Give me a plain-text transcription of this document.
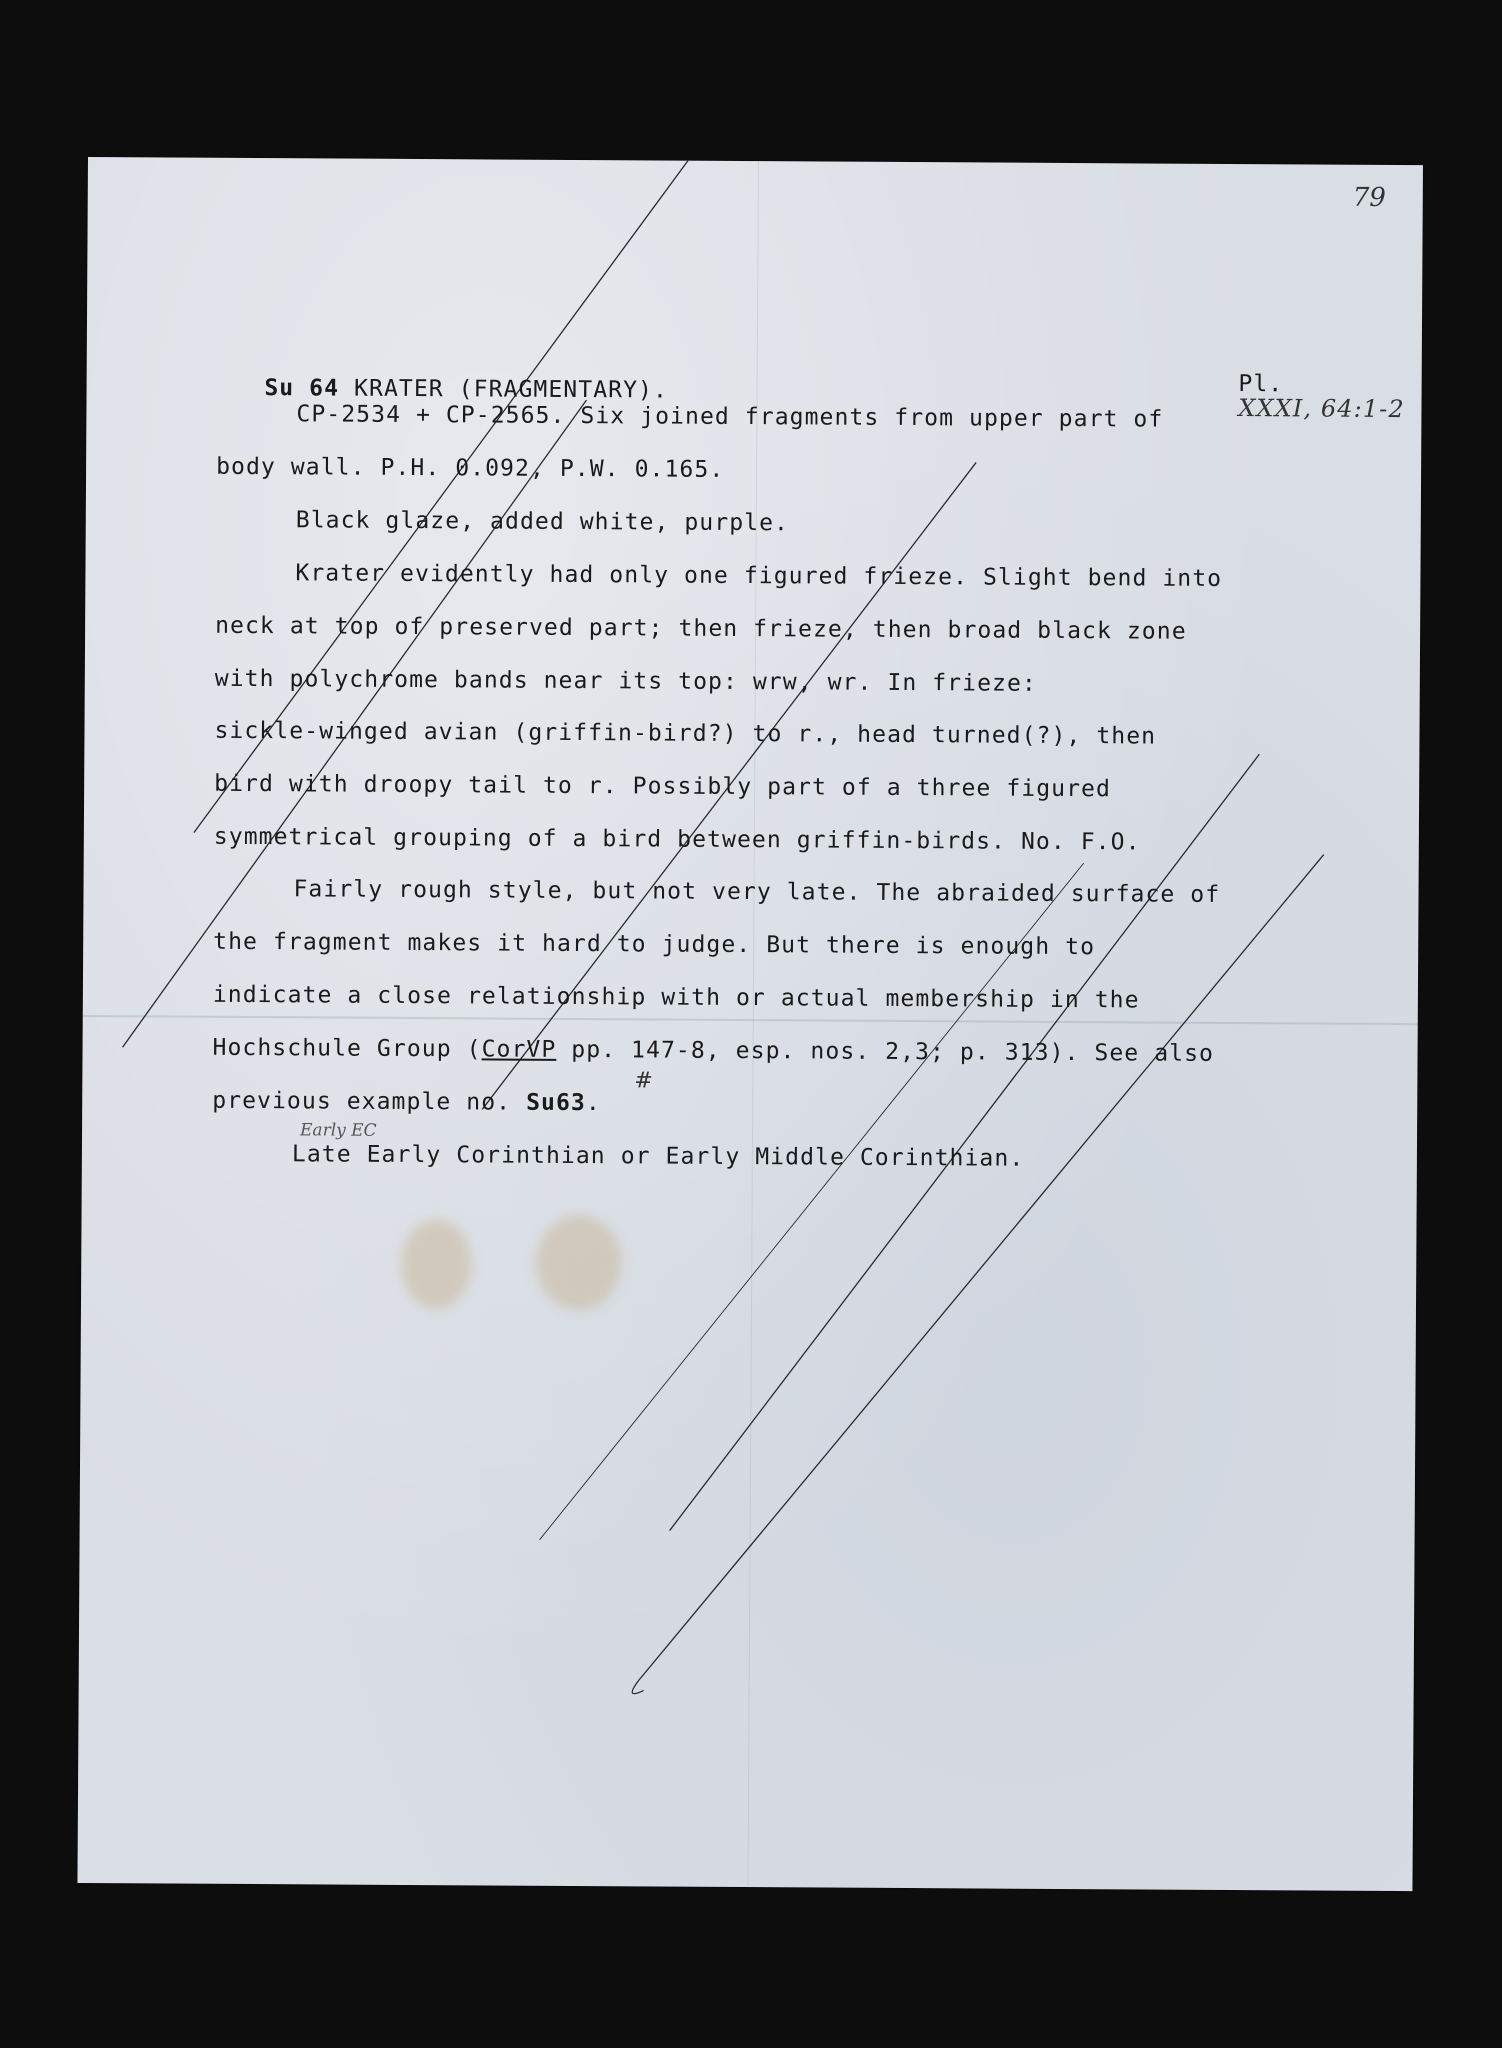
79

Su 64 KRATER (FRAGMENTARY).
	Pl.
XXXI, 64:1-2

CP-2534 + CP-2565. Six joined fragments from upper part of
body wall. P.H. 0.092, P.W. 0.165.
Black glaze, added white, purple.
Krater evidently had only one figured frieze. Slight bend into
neck at top of preserved part; then frieze, then broad black zone
with polychrome bands near its top: wrw, wr. In frieze:
sickle-winged avian (griffin-bird?) to r., head turned(?), then
bird with droopy tail to r. Possibly part of a three figured
symmetrical grouping of a bird between griffin-birds. No. F.O.
Fairly rough style, but not very late. The abraided surface of
the fragment makes it hard to judge. But there is enough to
indicate a close relationship with or actual membership in the
Hochschule Group (CorVP pp. 147-8, esp. nos. 2,3; p. 313). See also
previous example no. Su63.
#
Early EC
Late Early Corinthian or Early Middle Corinthian.
